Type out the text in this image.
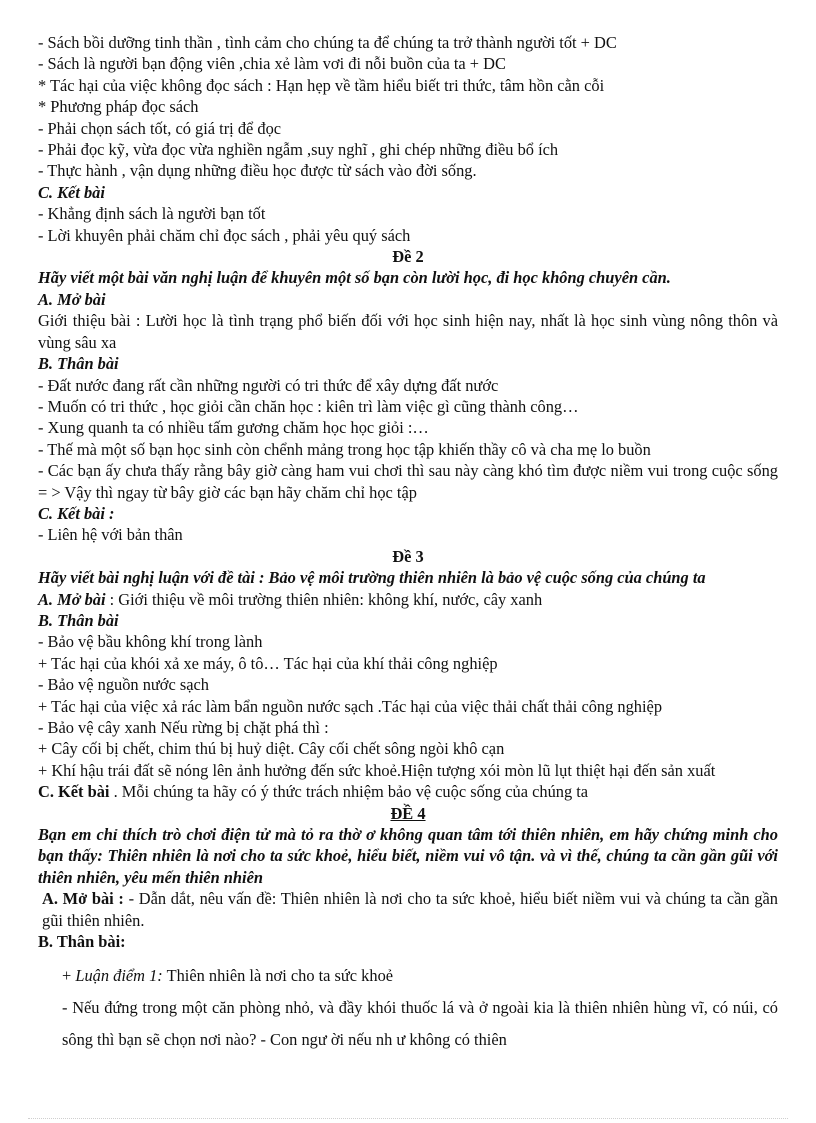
- Sách bồi dưỡng tinh thần , tình cảm cho chúng ta để chúng ta trở thành người tốt + DC
- Sách là người bạn động viên ,chia xẻ làm vơi đi nỗi buồn của ta + DC
* Tác hại của việc không đọc sách : Hạn hẹp về tầm hiểu biết tri thức, tâm hồn cằn cỗi
* Phương pháp đọc sách
- Phải chọn sách tốt, có giá trị để đọc
- Phải đọc kỹ, vừa đọc vừa nghiền ngẫm ,suy nghĩ , ghi chép những điều bổ ích
- Thực hành , vận dụng những điều học được từ sách vào đời sống.
C. Kết bài
- Khẳng định sách là người bạn tốt
- Lời khuyên phải chăm chỉ đọc sách , phải yêu quý sách
Đề 2
Hãy viết một bài văn nghị luận để khuyên một số bạn còn lười học, đi học không chuyên cần.
A. Mở bài
Giới thiệu bài : Lười học là tình trạng phổ biến đối với học sinh hiện nay, nhất là học sinh vùng nông thôn và vùng sâu xa
B. Thân bài
- Đất nước đang rất cần những người có tri thức để xây dựng đất nước
- Muốn có tri thức , học giỏi cần chăn học : kiên trì làm việc gì cũng thành công…
- Xung quanh ta có nhiều tấm gương chăm học học giỏi :…
- Thế mà một số bạn học sinh còn chểnh mảng trong học tập khiến thầy cô và cha mẹ lo buồn
- Các bạn ấy chưa thấy rằng bây giờ càng ham vui chơi thì sau này càng khó tìm được niềm vui trong cuộc sống = > Vậy thì ngay từ bây giờ các bạn hãy chăm chỉ học tập
C. Kết bài :
- Liên hệ với bản thân
Đề 3
Hãy viết bài nghị luận với đề tài : Bảo vệ môi trường thiên nhiên là bảo vệ cuộc sống của chúng ta
A. Mở bài : Giới thiệu về môi trường thiên nhiên: không khí, nước, cây xanh
B. Thân bài
- Bảo vệ bầu không khí trong lành
+ Tác hại của khói xả xe máy, ô tô… Tác hại của khí thải công nghiệp
- Bảo vệ nguồn nước sạch
+ Tác hại của việc xả rác làm bẩn nguồn nước sạch .Tác hại của việc thải chất thải công nghiệp
- Bảo vệ cây xanh Nếu rừng bị chặt phá thì :
+ Cây cối bị chết, chim thú bị huỷ diệt. Cây cối chết sông ngòi khô cạn
+ Khí hậu trái đất sẽ nóng lên ảnh hưởng đến sức khoẻ.Hiện tượng xói mòn lũ lụt thiệt hại đến sản xuất
C. Kết bài . Mỗi chúng ta hãy có ý thức trách nhiệm bảo vệ cuộc sống của chúng ta
ĐỀ 4
Bạn em chỉ thích trò chơi điện tử mà tỏ ra thờ ơ không quan tâm tới thiên nhiên, em hãy chứng minh cho bạn thấy: Thiên nhiên là nơi cho ta sức khoẻ, hiểu biết, niềm vui vô tận. và vì thế, chúng ta cần gần gũi với thiên nhiên, yêu mến thiên nhiên
A. Mở bài : - Dẫn dắt, nêu vấn đề: Thiên nhiên là nơi cho ta sức khoẻ, hiểu biết niềm vui và chúng ta cần gần gũi thiên nhiên.
B. Thân bài:
+ Luận điểm 1: Thiên nhiên là nơi cho ta sức khoẻ
- Nếu đứng trong một căn phòng nhỏ, và đầy khói thuốc lá và ở ngoài kia là thiên nhiên hùng vĩ, có núi, có sông thì bạn sẽ chọn nơi nào? - Con ngư ời nếu nh ư không có thiên
